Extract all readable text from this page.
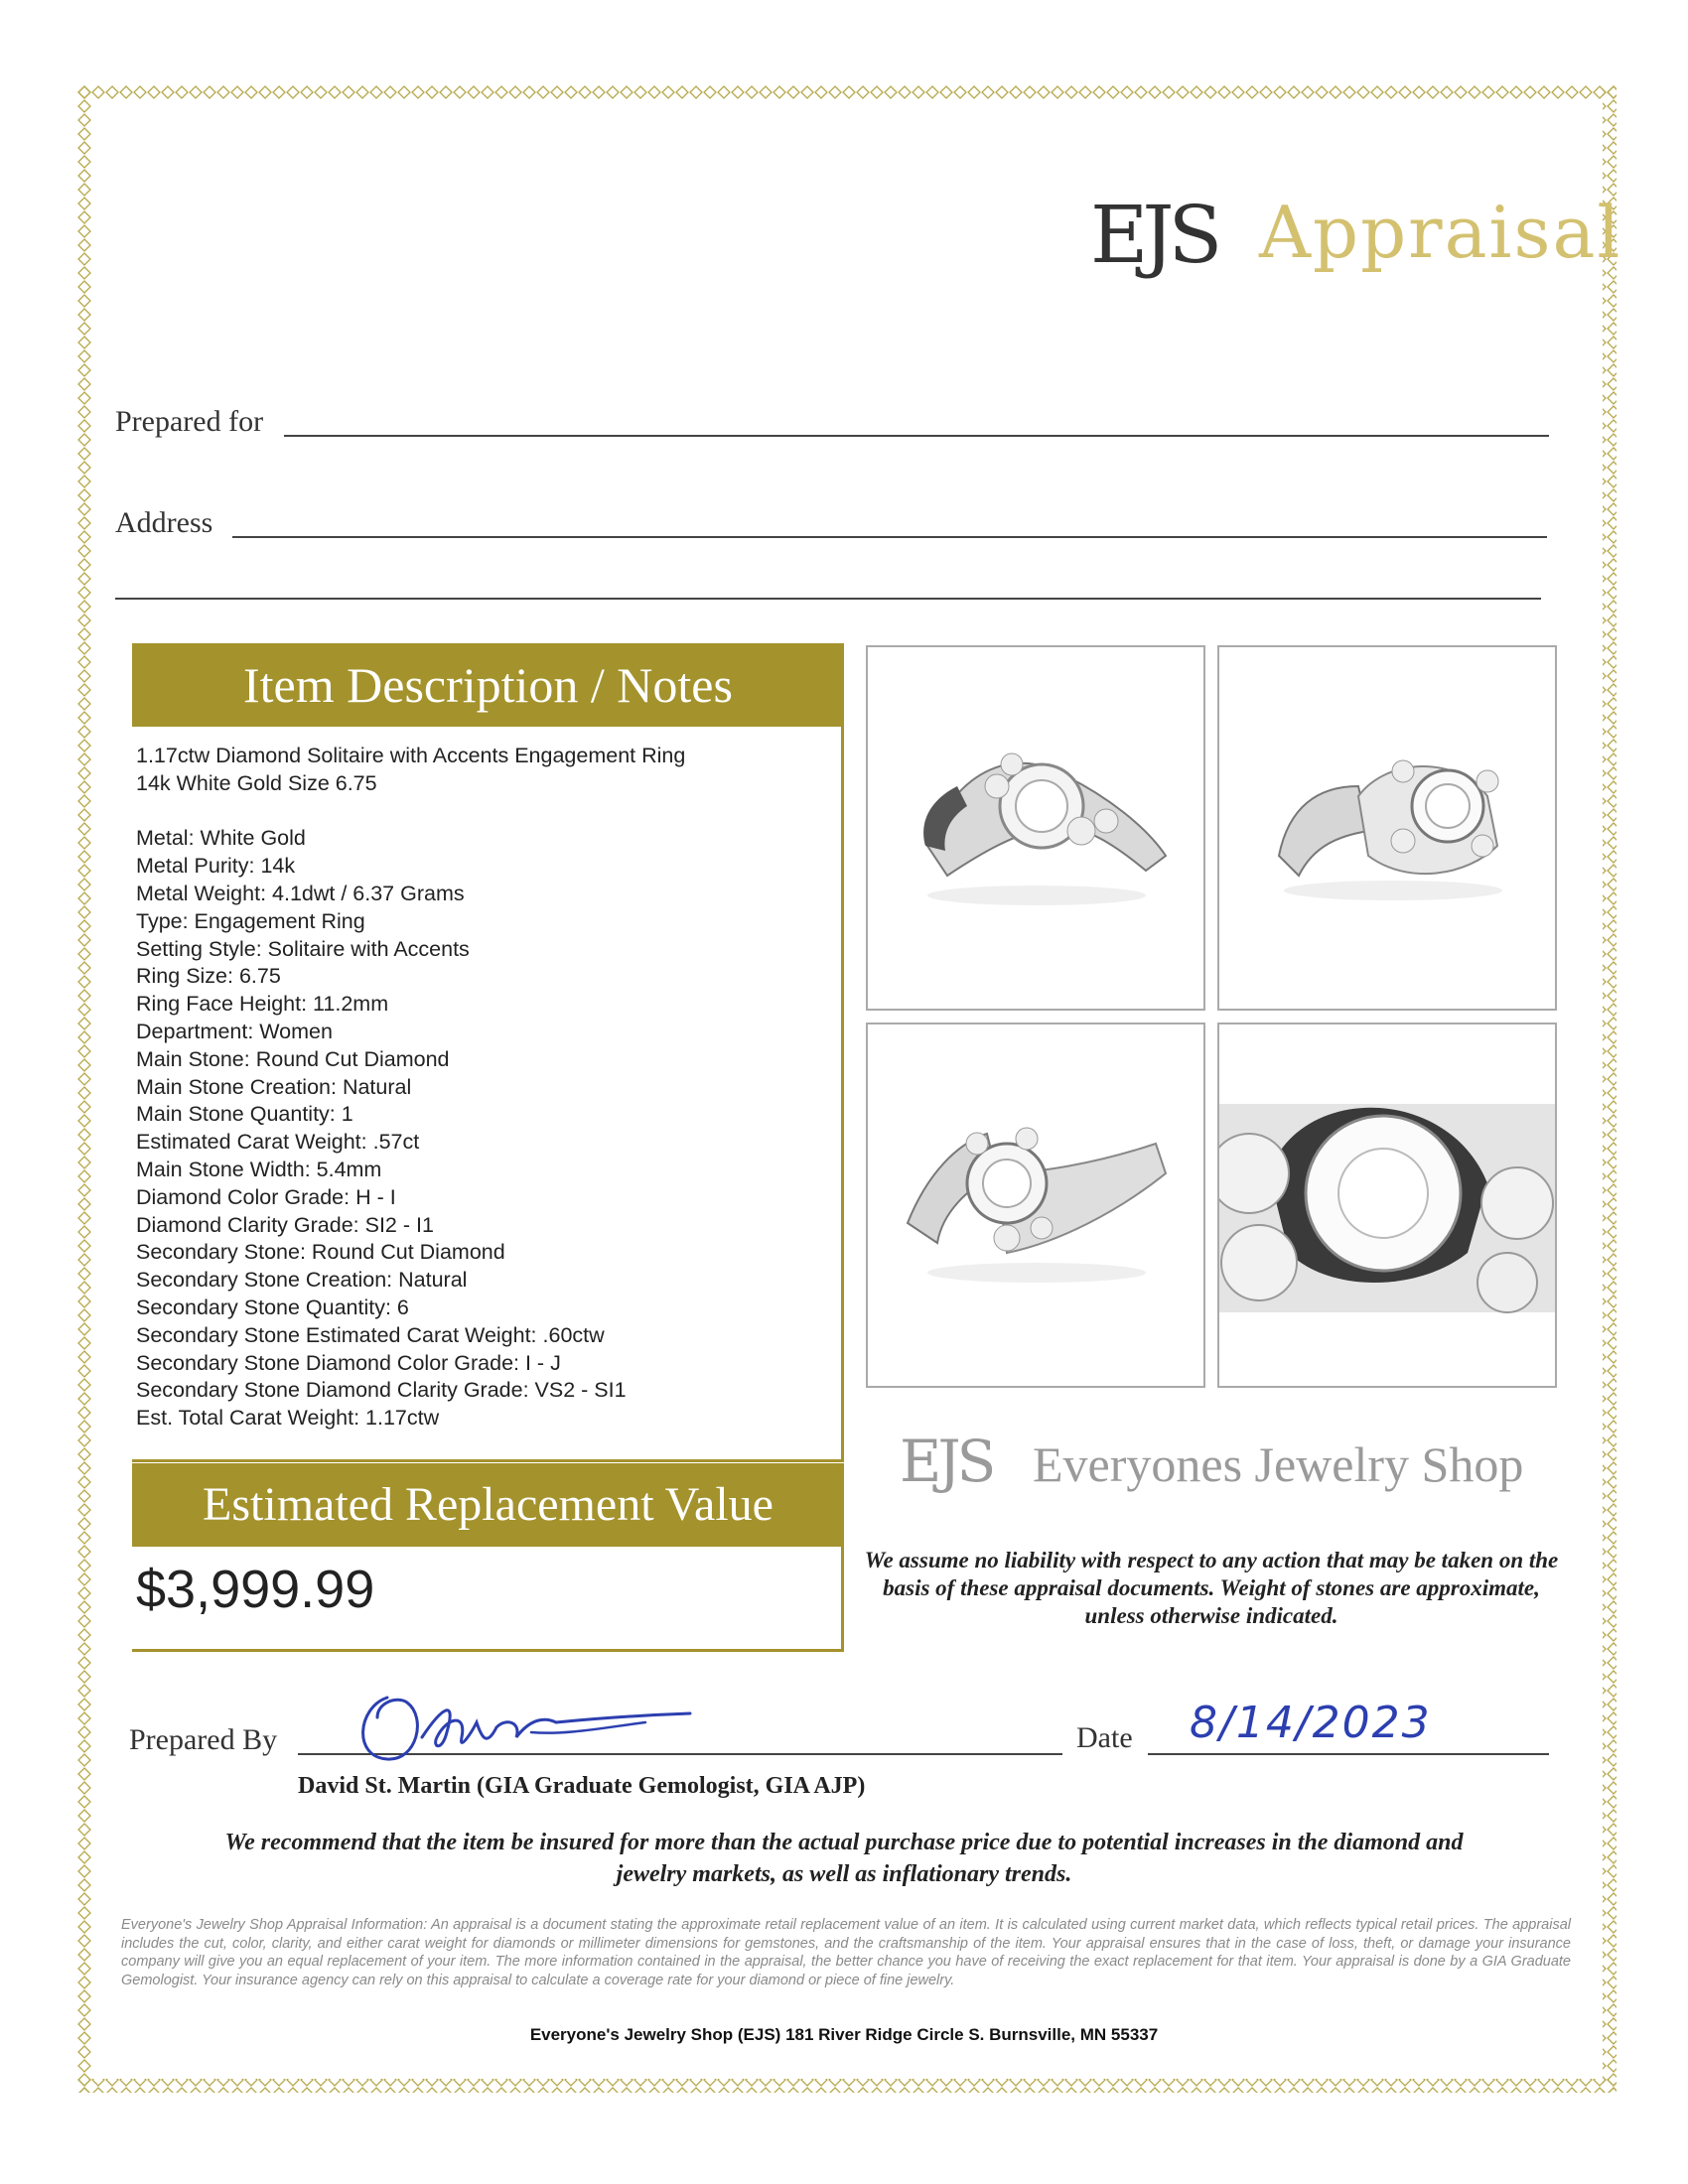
EJS Appraisal
Prepared for
Address
Item Description / Notes
1.17ctw Diamond Solitaire with Accents Engagement Ring
14k White Gold Size 6.75
Metal: White Gold
Metal Purity: 14k
Metal Weight: 4.1dwt / 6.37 Grams
Type: Engagement Ring
Setting Style: Solitaire with Accents
Ring Size: 6.75
Ring Face Height: 11.2mm
Department: Women
Main Stone: Round Cut Diamond
Main Stone Creation: Natural
Main Stone Quantity: 1
Estimated Carat Weight: .57ct
Main Stone Width: 5.4mm
Diamond Color Grade: H - I
Diamond Clarity Grade: SI2 - I1
Secondary Stone: Round Cut Diamond
Secondary Stone Creation: Natural
Secondary Stone Quantity: 6
Secondary Stone Estimated Carat Weight: .60ctw
Secondary Stone Diamond Color Grade: I - J
Secondary Stone Diamond Clarity Grade: VS2 - SI1
Est. Total Carat Weight: 1.17ctw
Estimated Replacement Value
$3,999.99
EJS Everyones Jewelry Shop
We assume no liability with respect to any action that may be taken on the basis of these appraisal documents. Weight of stones are approximate, unless otherwise indicated.
Prepared By	Date 8/14/2023
David St. Martin (GIA Graduate Gemologist, GIA AJP)
We recommend that the item be insured for more than the actual purchase price due to potential increases in the diamond and jewelry markets, as well as inflationary trends.
Everyone's Jewelry Shop Appraisal Information: An appraisal is a document stating the approximate retail replacement value of an item. It is calculated using current market data, which reflects typical retail prices. The appraisal includes the cut, color, clarity, and either carat weight for diamonds or millimeter dimensions for gemstones, and the craftsmanship of the item. Your appraisal ensures that in the case of loss, theft, or damage your insurance company will give you an equal replacement of your item. The more information contained in the appraisal, the better chance you have of receiving the exact replacement for that item. Your appraisal is done by a GIA Graduate Gemologist. Your insurance agency can rely on this appraisal to calculate a coverage rate for your diamond or piece of fine jewelry.
Everyone's Jewelry Shop (EJS) 181 River Ridge Circle S. Burnsville, MN 55337
